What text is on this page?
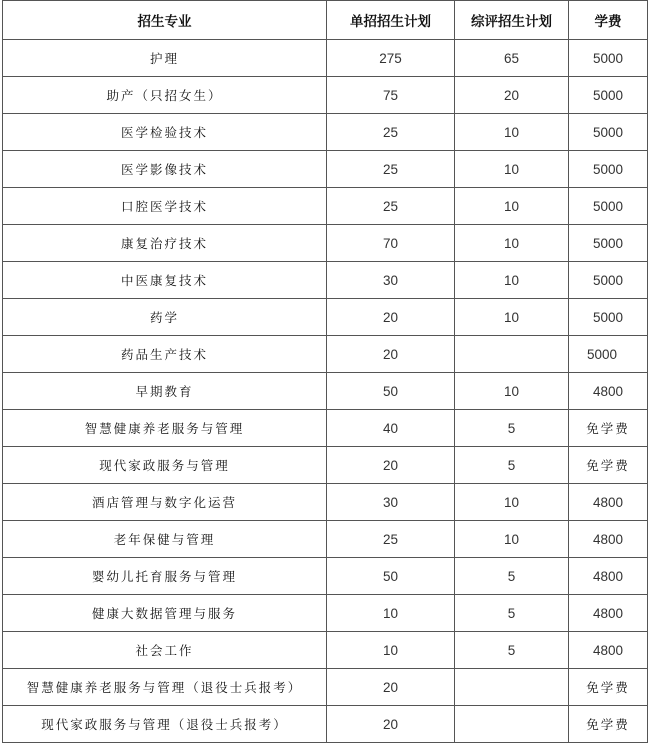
招生专业	单招招生计划	综评招生计划	学费
护理	275	65	5000
助产（只招女生）	75	20	5000
医学检验技术	25	10	5000
医学影像技术	25	10	5000
口腔医学技术	25	10	5000
康复治疗技术	70	10	5000
中医康复技术	30	10	5000
药学	20	10	5000
药品生产技术	20		5000
早期教育	50	10	4800
智慧健康养老服务与管理	40	5	免学费
现代家政服务与管理	20	5	免学费
酒店管理与数字化运营	30	10	4800
老年保健与管理	25	10	4800
婴幼儿托育服务与管理	50	5	4800
健康大数据管理与服务	10	5	4800
社会工作	10	5	4800
智慧健康养老服务与管理（退役士兵报考）	20		免学费
现代家政服务与管理（退役士兵报考）	20		免学费
